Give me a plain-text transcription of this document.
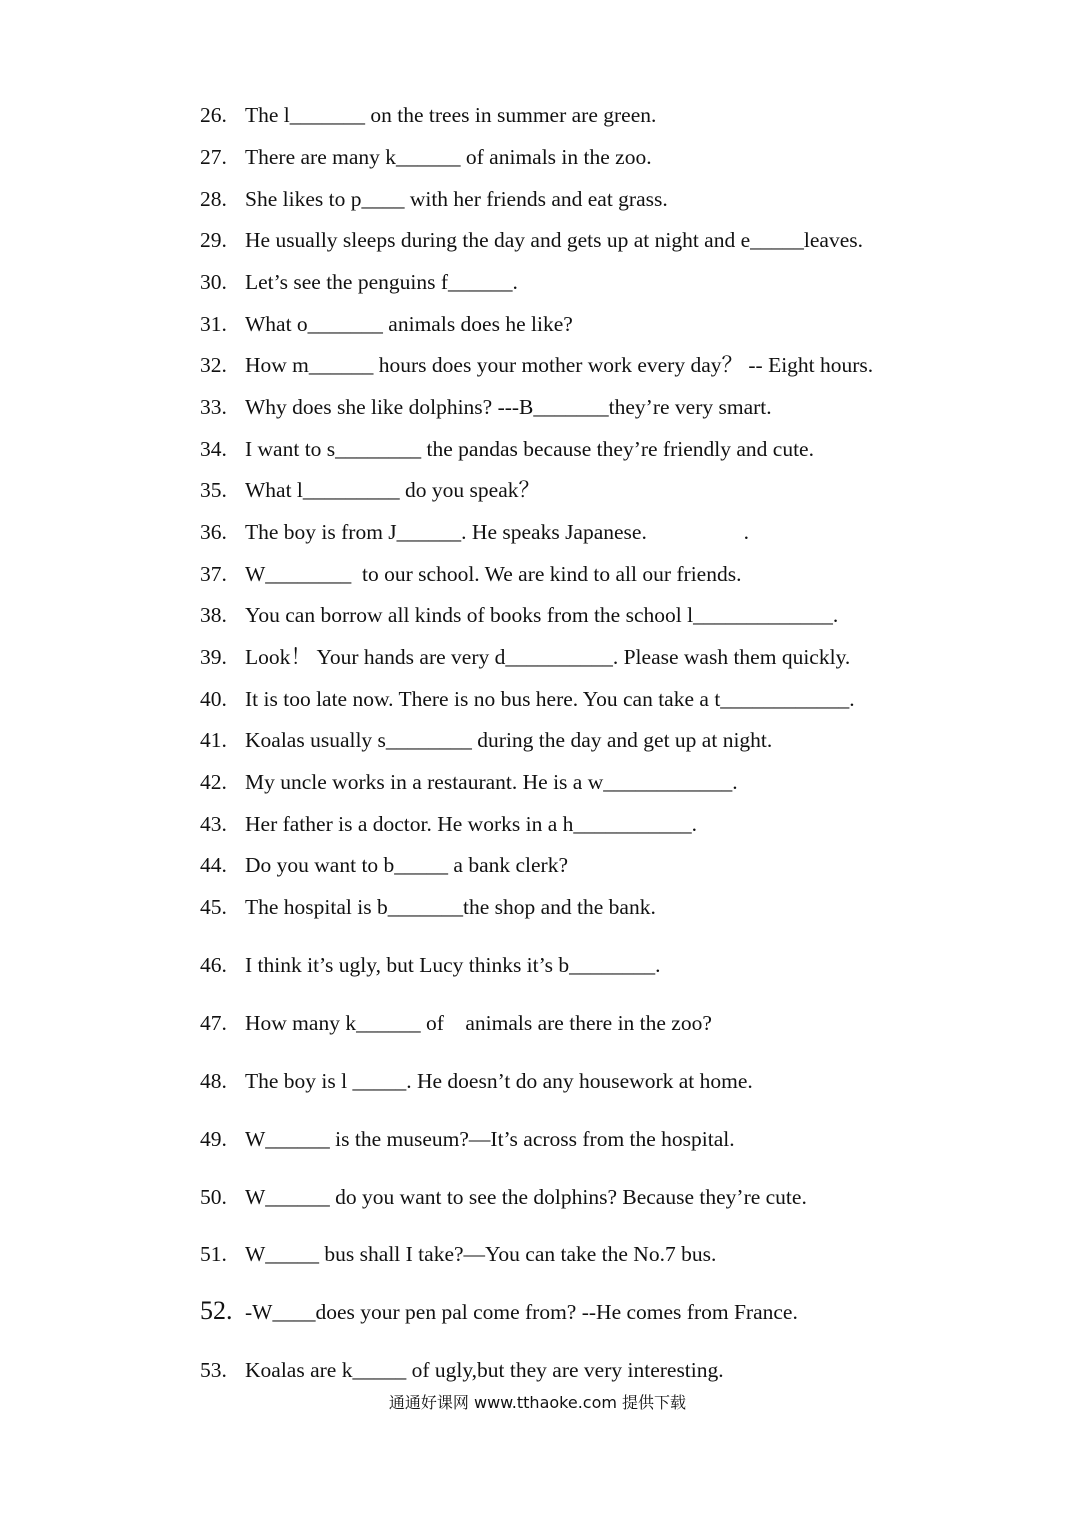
26. The l_______ on the trees in summer are green.
27. There are many k______ of animals in the zoo.
28. She likes to p____ with her friends and eat grass.
29. He usually sleeps during the day and gets up at night and e_____leaves.
30. Let’s see the penguins f______.
31. What o_______ animals does he like?
32. How m______ hours does your mother work every day？ -- Eight hours.
33. Why does she like dolphins? ---B_______they’re very smart.
34. I want to s________ the pandas because they’re friendly and cute.
35. What l_________ do you speak？
36. The boy is from J______. He speaks Japanese.                  .
37. W________  to our school. We are kind to all our friends.
38. You can borrow all kinds of books from the school l_____________.
39. Look！ Your hands are very d__________. Please wash them quickly.
40. It is too late now. There is no bus here. You can take a t____________.
41. Koalas usually s________ during the day and get up at night.
42. My uncle works in a restaurant. He is a w____________.
43. Her father is a doctor. He works in a h___________.
44. Do you want to b_____ a bank clerk?
45. The hospital is b_______the shop and the bank.
46. I think it’s ugly, but Lucy thinks it’s b________.
47. How many k______ of    animals are there in the zoo?
48. The boy is l _____. He doesn’t do any housework at home.
49. W______ is the museum?—It’s across from the hospital.
50. W______ do you want to see the dolphins? Because they’re cute.
51. W_____ bus shall I take?—You can take the No.7 bus.
52. -W____does your pen pal come from? --He comes from France.
53. Koalas are k_____ of ugly,but they are very interesting.
通通好课网 www.tthaoke.com 提供下载
